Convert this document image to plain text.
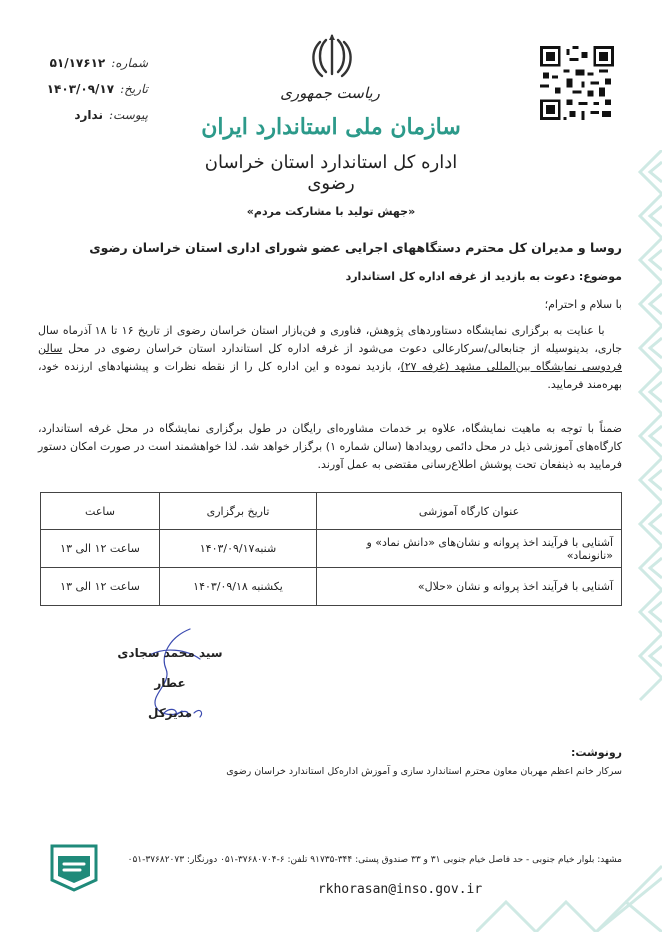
ریاست جمهوری
سازمان ملی استاندارد ایران
اداره کل استاندارد استان خراسان رضوی
شماره:
۵۱/۱۷۶۱۲
تاریخ:
۱۴۰۳/۰۹/۱۷
پیوست:
ندارد
«جهش تولید با مشارکت مردم»
روسا و مدیران کل محترم دستگاههای اجرایی عضو شورای اداری استان خراسان رضوی
موضوع: دعوت به بازدید از غرفه اداره کل استاندارد
با سلام و احترام؛
با عنایت به برگزاری نمایشگاه دستاوردهای پژوهش، فناوری و فن‌بازار استان خراسان رضوی از تاریخ ۱۶ تا ۱۸ آذرماه سال جاری، بدینوسیله از جنابعالی/سرکارعالی دعوت می‌شود از غرفه اداره کل استاندارد استان خراسان رضوی در محل سالن فردوسی نمایشگاه بین‌المللی مشهد (غرفه ۲۷)، بازدید نموده و این اداره کل را از نقطه نظرات و پیشنهادهای ارزنده خود، بهره‌مند فرمایید.
ضمناً با توجه به ماهیت نمایشگاه، علاوه بر خدمات مشاوره‌ای رایگان در طول برگزاری نمایشگاه در محل غرفه استاندارد، کارگاه‌های آموزشی ذیل در محل دائمی رویدادها (سالن شماره ۱) برگزار خواهد شد. لذا خواهشمند است در صورت امکان دستور فرمایید به ذینفعان تحت پوشش اطلاع‌رسانی مقتضی به عمل آورند.
عنوان کارگاه آموزشی	تاریخ برگزاری	ساعت
آشنایی با فرآیند اخذ پروانه و نشان‌های «دانش نماد» و «نانونماد»	شنبه۱۴۰۳/۰۹/۱۷	ساعت ۱۲ الی ۱۳
آشنایی با فرآیند اخذ پروانه و نشان «حلال»	یکشنبه ۱۴۰۳/۰۹/۱۸	ساعت ۱۲ الی ۱۳
سید محمد سجادی عطار
مدیرکل
رونوشت:
سرکار خانم اعظم مهربان معاون محترم استاندارد سازی و آموزش اداره‌کل استاندارد خراسان رضوی
مشهد: بلوار خیام جنوبی - حد فاصل خیام جنوبی ۳۱ و ۳۳ صندوق پستی: ۳۴۴-۹۱۷۳۵ تلفن: ۶-۳۷۶۸۰۷۰۴-۰۵۱ دورنگار: ۳۷۶۸۲۰۷۳-۰۵۱
rkhorasan@inso.gov.ir
